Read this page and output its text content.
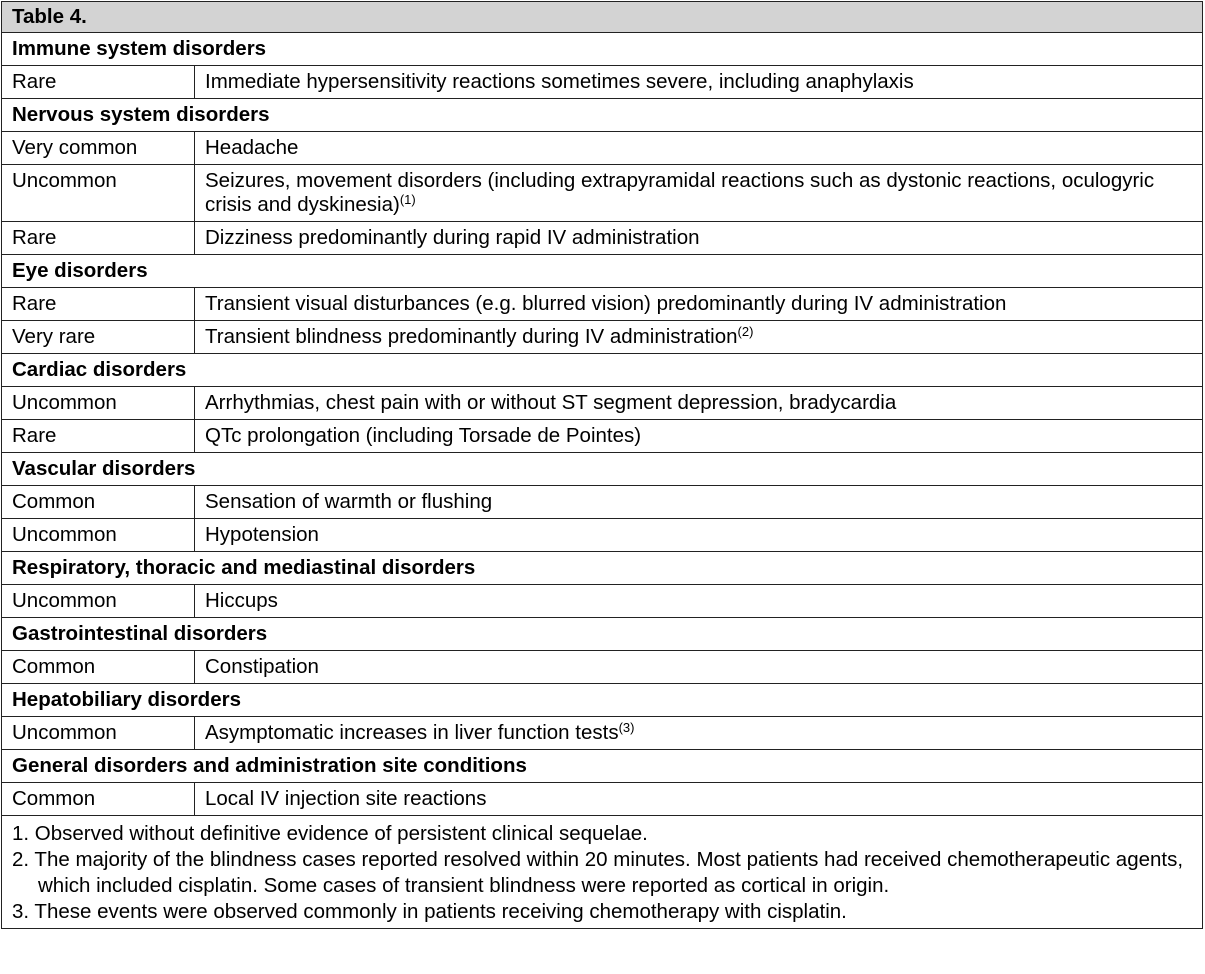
Table 4.	
Immune system disorders	
Rare	Immediate hypersensitivity reactions sometimes severe, including anaphylaxis
Nervous system disorders	
Very common	Headache
Uncommon	Seizures, movement disorders (including extrapyramidal reactions such as dystonic reactions, oculogyric crisis and dyskinesia)$^{(1)}$
Rare	Dizziness predominantly during rapid IV administration
Eye disorders	
Rare	Transient visual disturbances (e.g. blurred vision) predominantly during IV administration
Very rare	Transient blindness predominantly during IV administration$^{(2)}$
Cardiac disorders	
Uncommon	Arrhythmias, chest pain with or without ST segment depression, bradycardia
Rare	QTc prolongation (including Torsade de Pointes)
Vascular disorders	
Common	Sensation of warmth or flushing
Uncommon	Hypotension
Respiratory, thoracic and mediastinal disorders	
Uncommon	Hiccups
Gastrointestinal disorders	
Common	Constipation
Hepatobiliary disorders	
Uncommon	Asymptomatic increases in liver function tests$^{(3)}$
General disorders and administration site conditions	
Common	Local IV injection site reactions

1. Observed without definitive evidence of persistent clinical sequelae.
2. The majority of the blindness cases reported resolved within 20 minutes. Most patients had received chemotherapeutic agents, which included cisplatin. Some cases of transient blindness were reported as cortical in origin.
3. These events were observed commonly in patients receiving chemotherapy with cisplatin.	
